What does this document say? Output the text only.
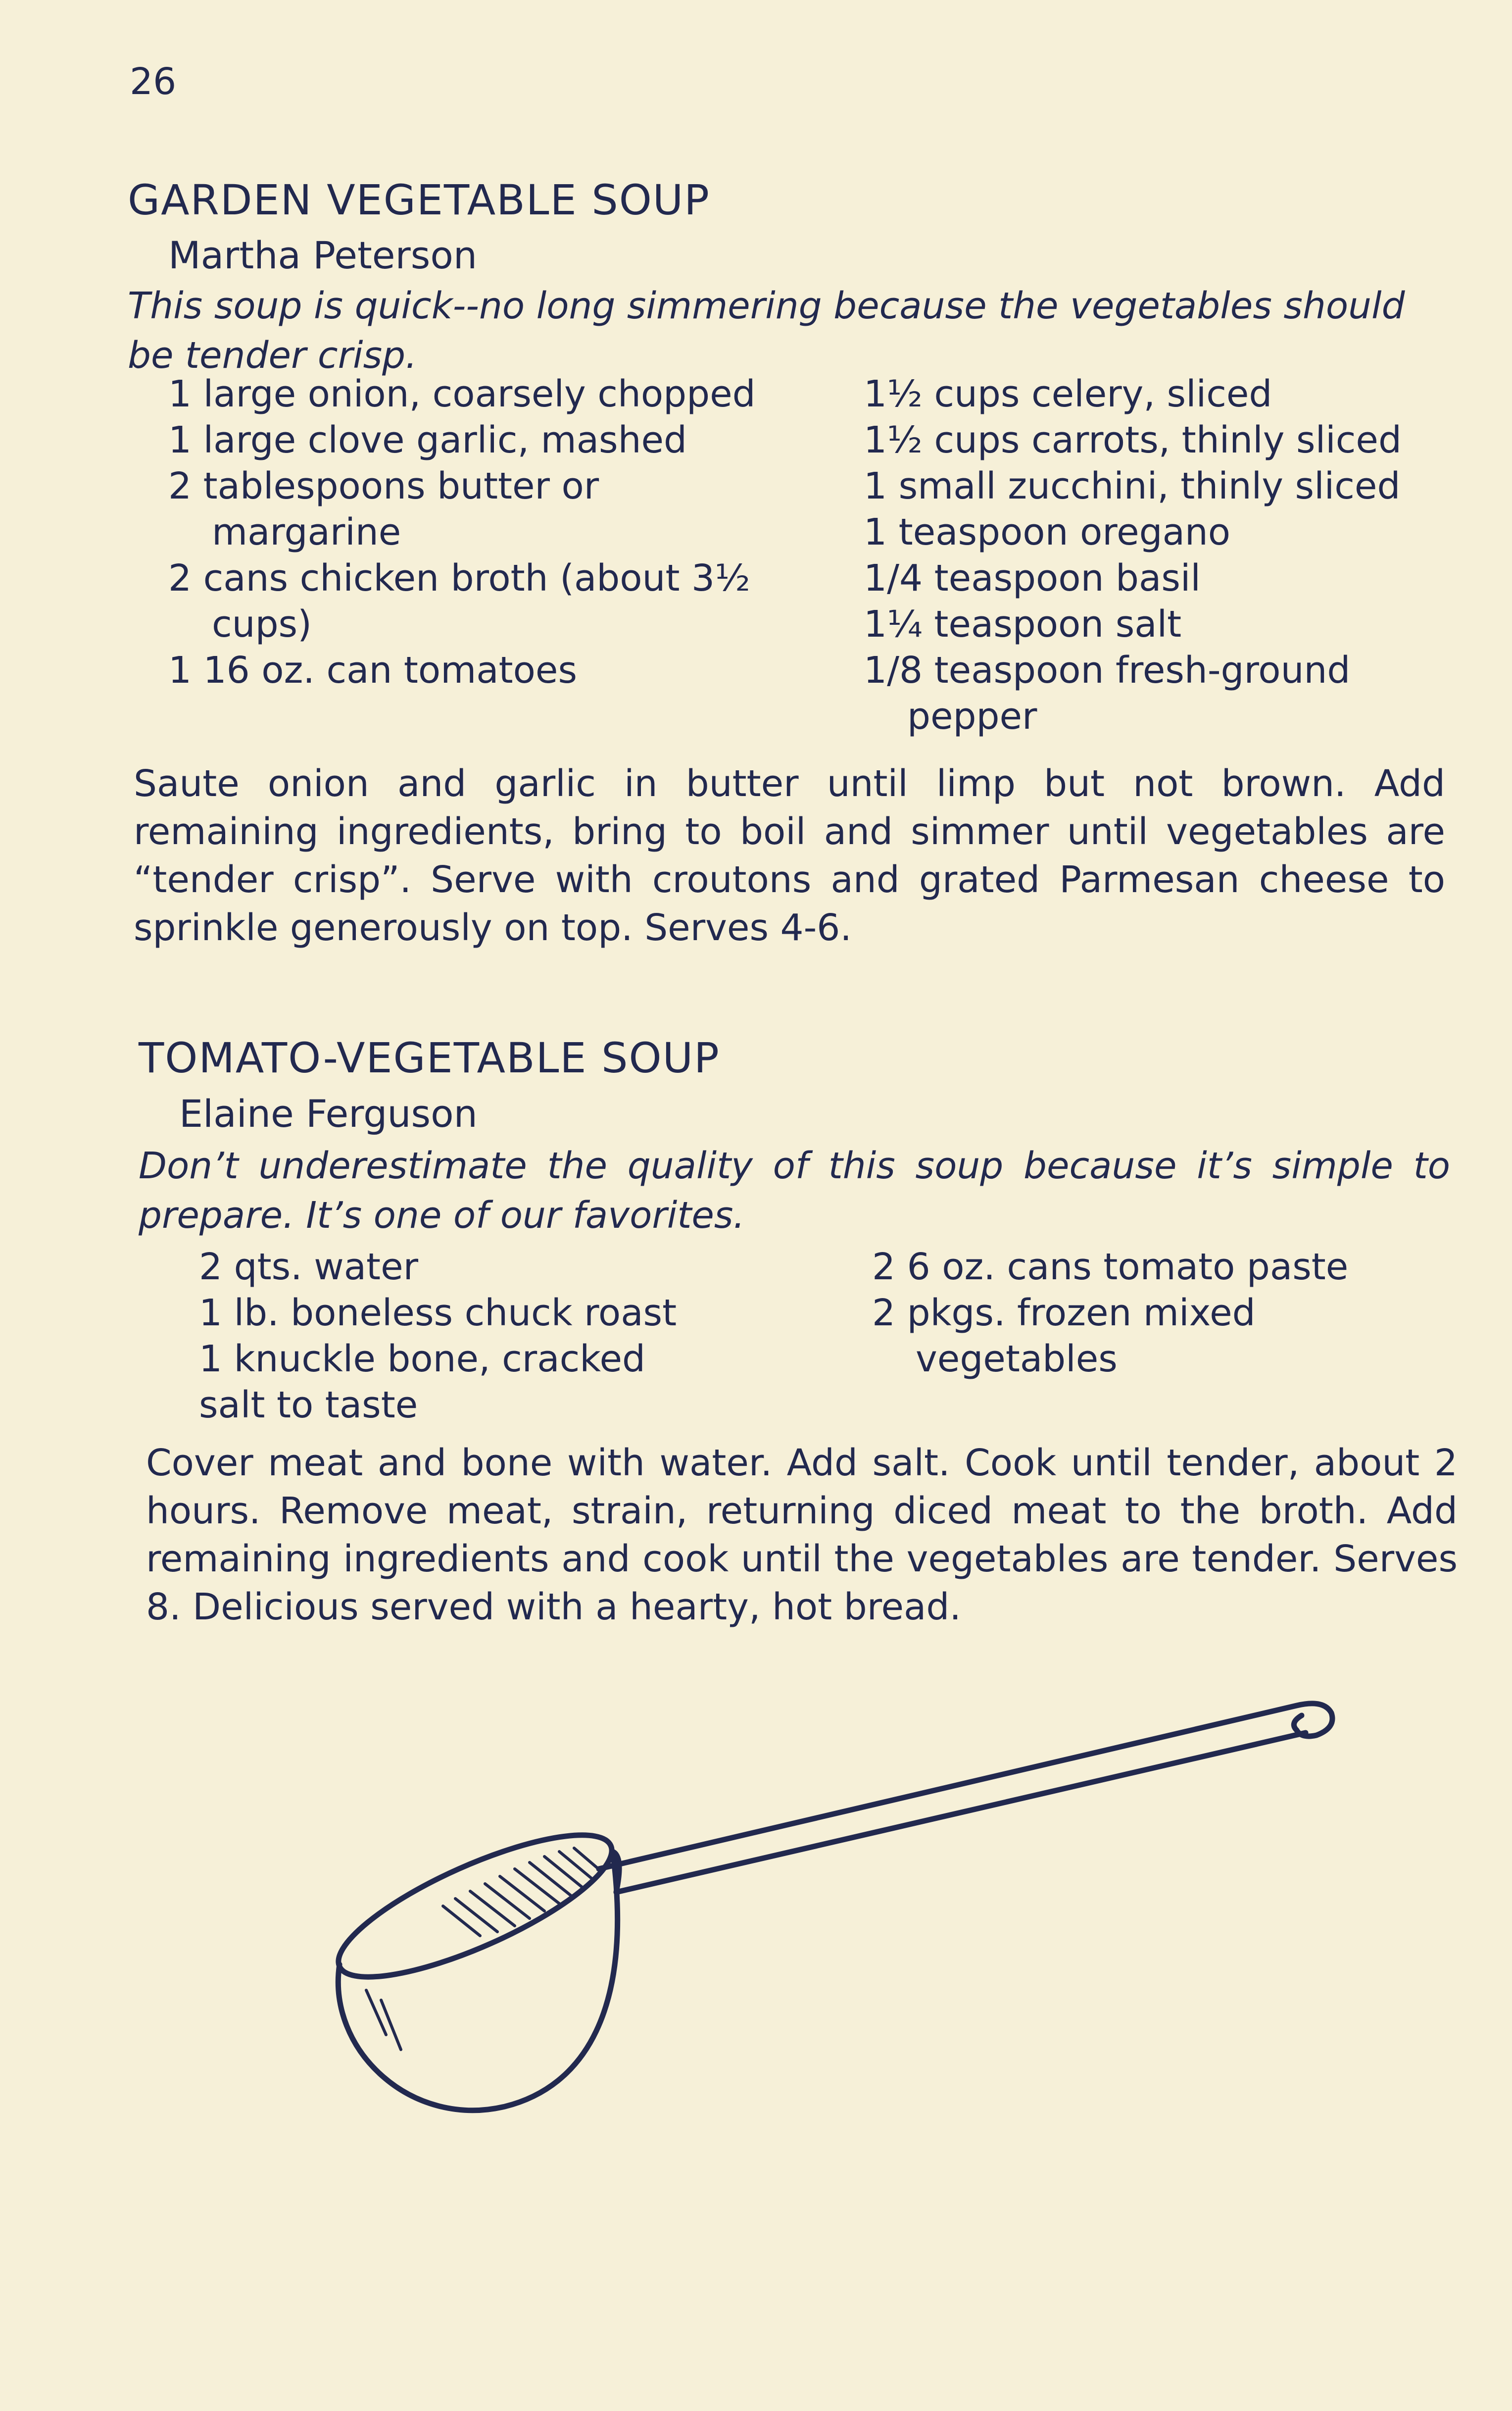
26
GARDEN VEGETABLE SOUP
Martha Peterson

This soup is quick--no long simmering because the vegetables should be tender crisp.

1 large onion, coarsely chopped
1 large clove garlic, mashed
2 tablespoons butter or margarine
2 cans chicken broth (about 3½ cups)
1 16 oz. can tomatoes
1½ cups celery, sliced
1½ cups carrots, thinly sliced
1 small zucchini, thinly sliced
1 teaspoon oregano
1/4 teaspoon basil
1¼ teaspoon salt
1/8 teaspoon fresh-ground pepper

Saute onion and garlic in butter until limp but not brown. Add remaining ingredients, bring to boil and simmer until vegetables are “tender crisp”. Serve with croutons and grated Parmesan cheese to sprinkle generously on top. Serves 4-6.

TOMATO-VEGETABLE SOUP
Elaine Ferguson

Don’t underestimate the quality of this soup because it’s simple to prepare. It’s one of our favorites.

2 qts. water
1 lb. boneless chuck roast
1 knuckle bone, cracked
salt to taste
2 6 oz. cans tomato paste
2 pkgs. frozen mixed vegetables

Cover meat and bone with water. Add salt. Cook until tender, about 2 hours. Remove meat, strain, returning diced meat to the broth. Add remaining ingredients and cook until the vegetables are tender. Serves 8. Delicious served with a hearty, hot bread.
